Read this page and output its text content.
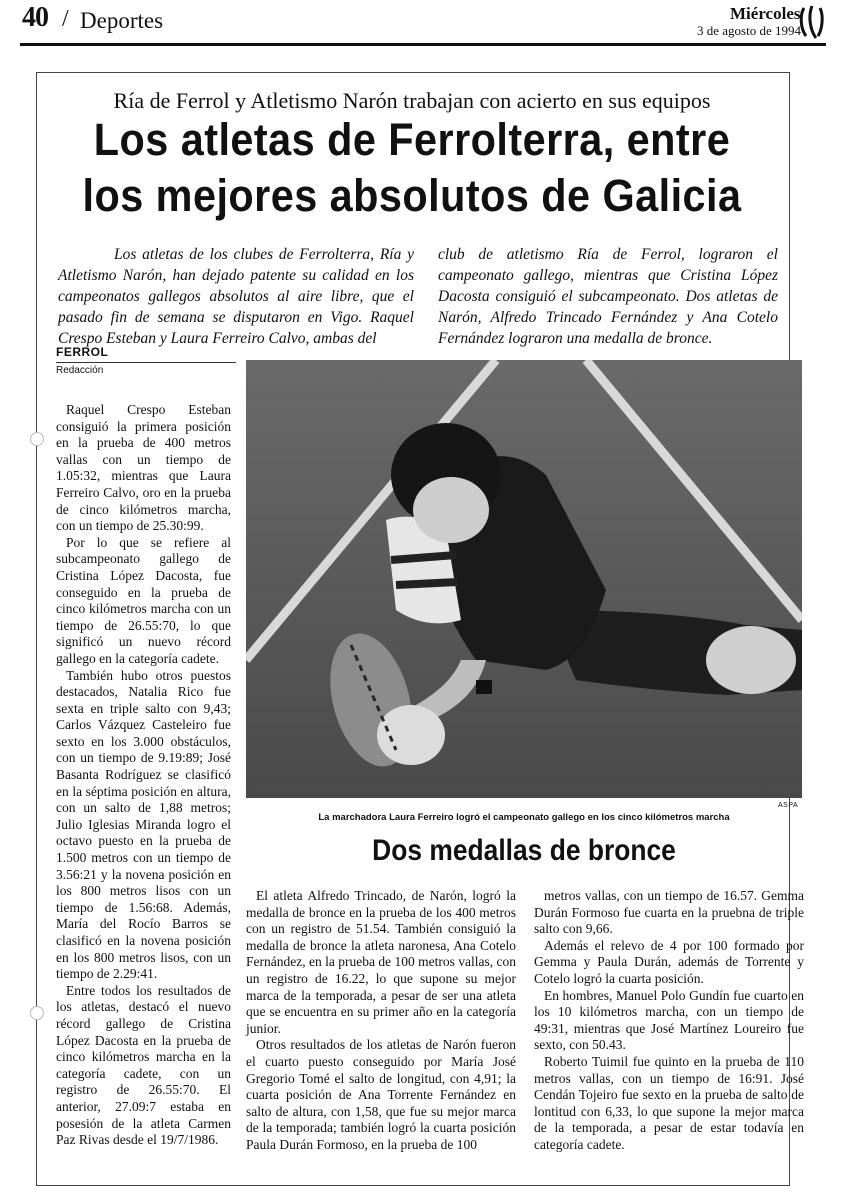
40 / Deportes	Miércoles
3 de agosto de 1994
Ría de Ferrol y Atletismo Narón trabajan con acierto en sus equipos
Los atletas de Ferrolterra, entre
los mejores absolutos de Galicia
Los atletas de los clubes de Ferrolterra, Ría y Atletismo Narón, han dejado patente su calidad en los campeonatos gallegos absolutos al aire libre, que el pasado fin de semana se disputaron en Vigo. Raquel Crespo Esteban y Laura Ferreiro Calvo, ambas del
club de atletismo Ría de Ferrol, lograron el campeonato gallego, mientras que Cristina López Dacosta consiguió el subcampeonato. Dos atletas de Narón, Alfredo Trincado Fernández y Ana Cotelo Fernández lograron una medalla de bronce.
FERROL
Redacción

Raquel Crespo Esteban consiguió la primera posición en la prueba de 400 metros vallas con un tiempo de 1.05:32, mientras que Laura Ferreiro Calvo, oro en la prueba de cinco kilómetros marcha, con un tiempo de 25.30:99.

Por lo que se refiere al subcampeonato gallego de Cristina López Dacosta, fue conseguido en la prueba de cinco kilómetros marcha con un tiempo de 26.55:70, lo que significó un nuevo récord gallego en la categoría cadete.

También hubo otros puestos destacados, Natalia Rico fue sexta en triple salto con 9,43; Carlos Vázquez Casteleiro fue sexto en los 3.000 obstáculos, con un tiempo de 9.19:89; José Basanta Rodríguez se clasificó en la séptima posición en altura, con un salto de 1,88 metros; Julio Iglesias Miranda logro el octavo puesto en la prueba de 1.500 metros con un tiempo de 3.56:21 y la novena posición en los 800 metros lisos con un tiempo de 1.56:68. Además, María del Rocío Barros se clasificó en la novena posición en los 800 metros lisos, con un tiempo de 2.29:41.

Entre todos los resultados de los atletas, destacó el nuevo récord gallego de Cristina López Dacosta en la prueba de cinco kilómetros marcha en la categoría cadete, con un registro de 26.55:70. El anterior, 27.09:7 estaba en posesión de la atleta Carmen Paz Rivas desde el 19/7/1986.

ASPA
La marchadora Laura Ferreiro logró el campeonato gallego en los cinco kilómetros marcha
Dos medallas de bronce

El atleta Alfredo Trincado, de Narón, logró la medalla de bronce en la prueba de los 400 metros con un registro de 51.54. También consiguió la medalla de bronce la atleta naronesa, Ana Cotelo Fernández, en la prueba de 100 metros vallas, con un registro de 16.22, lo que supone su mejor marca de la temporada, a pesar de ser una atleta que se encuentra en su primer año en la categoría junior.

Otros resultados de los atletas de Narón fueron el cuarto puesto conseguido por María José Gregorio Tomé el salto de longitud, con 4,91; la cuarta posición de Ana Torrente Fernández en salto de altura, con 1,58, que fue su mejor marca de la temporada; también logró la cuarta posición Paula Durán Formoso, en la prueba de 100

metros vallas, con un tiempo de 16.57. Gemma Durán Formoso fue cuarta en la pruebna de triple salto con 9,66.

Además el relevo de 4 por 100 formado por Gemma y Paula Durán, además de Torrente y Cotelo logró la cuarta posición.

En hombres, Manuel Polo Gundín fue cuarto en los 10 kilómetros marcha, con un tiempo de 49:31, mientras que José Martínez Loureiro fue sexto, con 50.43.

Roberto Tuimil fue quinto en la prueba de 110 metros vallas, con un tiempo de 16:91. José Cendán Tojeiro fue sexto en la prueba de salto de lontitud con 6,33, lo que supone la mejor marca de la temporada, a pesar de estar todavía en categoría cadete.
